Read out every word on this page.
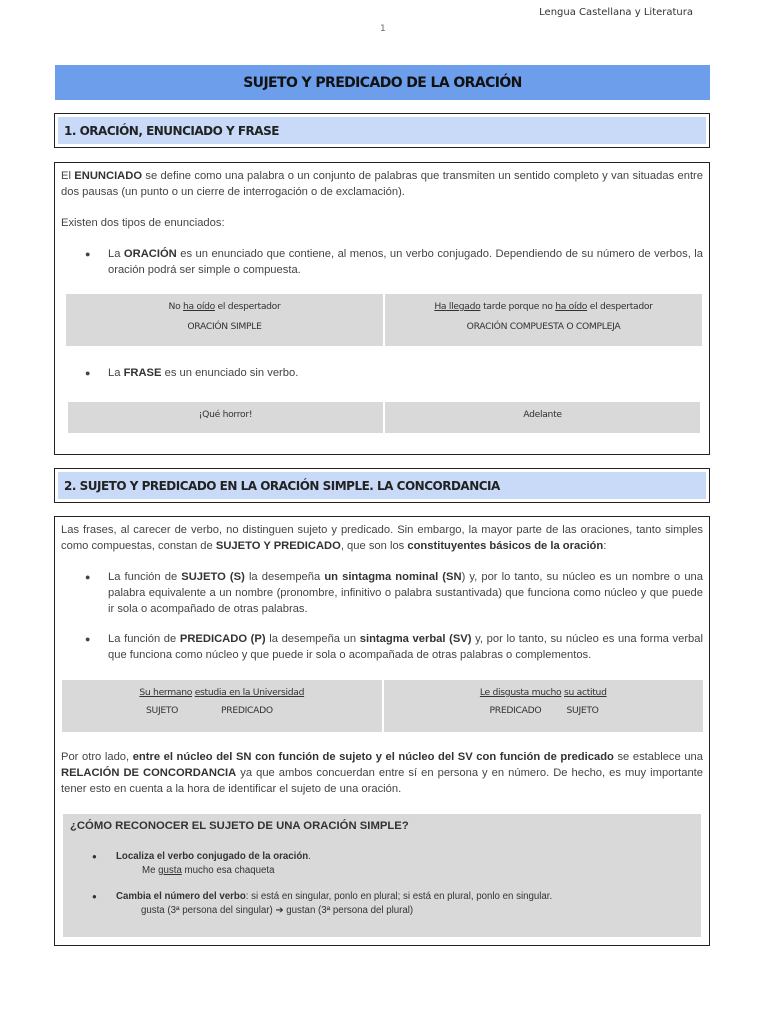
Lengua Castellana y Literatura
1
SUJETO Y PREDICADO DE LA ORACIÓN
1. ORACIÓN, ENUNCIADO Y FRASE

El ENUNCIADO se define como una palabra o un conjunto de palabras que transmiten un sentido completo y van situadas entre dos pausas (un punto o un cierre de interrogación o de exclamación).

Existen dos tipos de enunciados:

● La ORACIÓN es un enunciado que contiene, al menos, un verbo conjugado. Dependiendo de su número de verbos, la oración podrá ser simple o compuesta.
No ha oído el despertador
ORACIÓN SIMPLE
Ha llegado tarde porque no ha oído el despertador
ORACIÓN COMPUESTA O COMPLEJA
● La FRASE es un enunciado sin verbo.
¡Qué horror!	Adelante
2. SUJETO Y PREDICADO EN LA ORACIÓN SIMPLE. LA CONCORDANCIA

Las frases, al carecer de verbo, no distinguen sujeto y predicado. Sin embargo, la mayor parte de las oraciones, tanto simples como compuestas, constan de SUJETO Y PREDICADO, que son los constituyentes básicos de la oración:

● La función de SUJETO (S) la desempeña un sintagma nominal (SN) y, por lo tanto, su núcleo es un nombre o una palabra equivalente a un nombre (pronombre, infinitivo o palabra sustantivada) que funciona como núcleo y que puede ir sola o acompañado de otras palabras.
● La función de PREDICADO (P) la desempeña un sintagma verbal (SV) y, por lo tanto, su núcleo es una forma verbal que funciona como núcleo y que puede ir sola o acompañada de otras palabras o complementos.
Su hermano estudia en la Universidad
SUJETO	PREDICADO
Le disgusta mucho su actitud
PREDICADO	SUJETO

Por otro lado, entre el núcleo del SN con función de sujeto y el núcleo del SV con función de predicado se establece una RELACIÓN DE CONCORDANCIA ya que ambos concuerdan entre sí en persona y en número. De hecho, es muy importante tener esto en cuenta a la hora de identificar el sujeto de una oración.

¿CÓMO RECONOCER EL SUJETO DE UNA ORACIÓN SIMPLE?
● Localiza el verbo conjugado de la oración.
Me gusta mucho esa chaqueta
● Cambia el número del verbo: si está en singular, ponlo en plural; si está en plural, ponlo en singular.
gusta (3ª persona del singular) ➔ gustan (3ª persona del plural)
